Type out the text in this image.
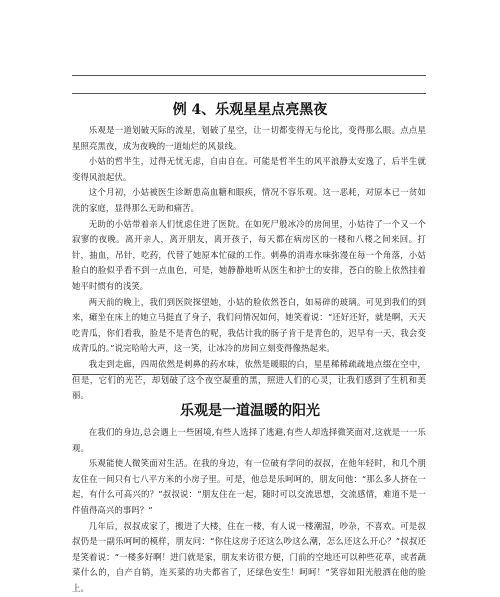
例 4、乐观星星点亮黑夜

乐观是一道划破天际的流星，划破了星空，让一切都变得无与伦比，变得那么眼。点点星星照亮黑夜，成为夜晚的一道灿烂的风景线。

小姑的哲半生，过得无忧无虑，自由自在。可能是哲半生的风平浪静太安逸了，后半生就变得风浪起伏。

这个月初，小姑被医生诊断患高血糖和眼疾，情况不容乐观。这一恶耗，对原本已一贫如洗的家庭，显得那么无助和痛苦。

无助的小姑带着亲人们忧虑住进了医院。在如死尸般冰冷的房间里，小姑待了一个又一个寂寥的夜晚。离开亲人，离开朋友，离开孩子，每天都在病房区的一楼和八楼之间来回。打针，抽血，吊针，吃药，代替了她原本忙碌的工作。刺鼻的消毒水味弥漫在每一个角落，小姑脸白的脸似乎看不到一点血色，可是，她静静地听从医生和护士的安排，苍白的脸上依然挂着她平时惯有的浅笑。

两天前的晚上，我们到医院探望她，小姑的脸依然苍白，如易碎的玻璃。可见到我们的到来，瘫坐在床上的她立马挺直了身子，我们问情况如何，她笑着说：“还好还好，就是啊，天天吃青瓜，你们看我，脸是不是青色的呢，我估计我的肠子肯干是青色的，迟早有一天，我会变成青瓜的。”说完哈哈大声，这一笑，让冰冷的房间立刻变得像热起来。

我走到走廊，四周依然是刺鼻的药水味，依然是暖眼的白，星星稀稀疏疏地点缀在空中，但是，它们的光芒，却划破了这个夜空凝重的黑，照进人们的心灵，让我们感到了生机和美丽。

乐观是一道温暖的阳光

在我们的身边,总会遇上一些困境,有些人选择了逃避,有些人却选择微笑面对,这就是一一乐观。

乐观能使人微笑面对生活。在我的身边，有一位破有学问的叔叔，在他年轻时，和几个朋友住在一间只有七八平方米的小房子里。可是，他总是乐呵呵的，朋友问他：“那么多人挤在一起，有什么可高兴的？”叔叔说：“朋友住在一起，随时可以交流思想，交流感情，难道不是一件值得高兴的事吗？”

几年后，叔叔成家了，搬进了大楼，住在一楼，有人说一楼潮湿，吵杂，不喜欢。可是叔叔仍是一副乐呵呵的模样，朋友问：“你住这房子还这么吵这么潮，怎么还这么开心？”叔叔还是笑着说：“一楼多好啊！进门就是家，朋友来访很方便，门前的空地还可以种些花草，或者蔬菜什么的，自产自销，连买菜的功夫都省了，还绿色安生！呵呵！”笑容如阳光般洒在他的脸上。
